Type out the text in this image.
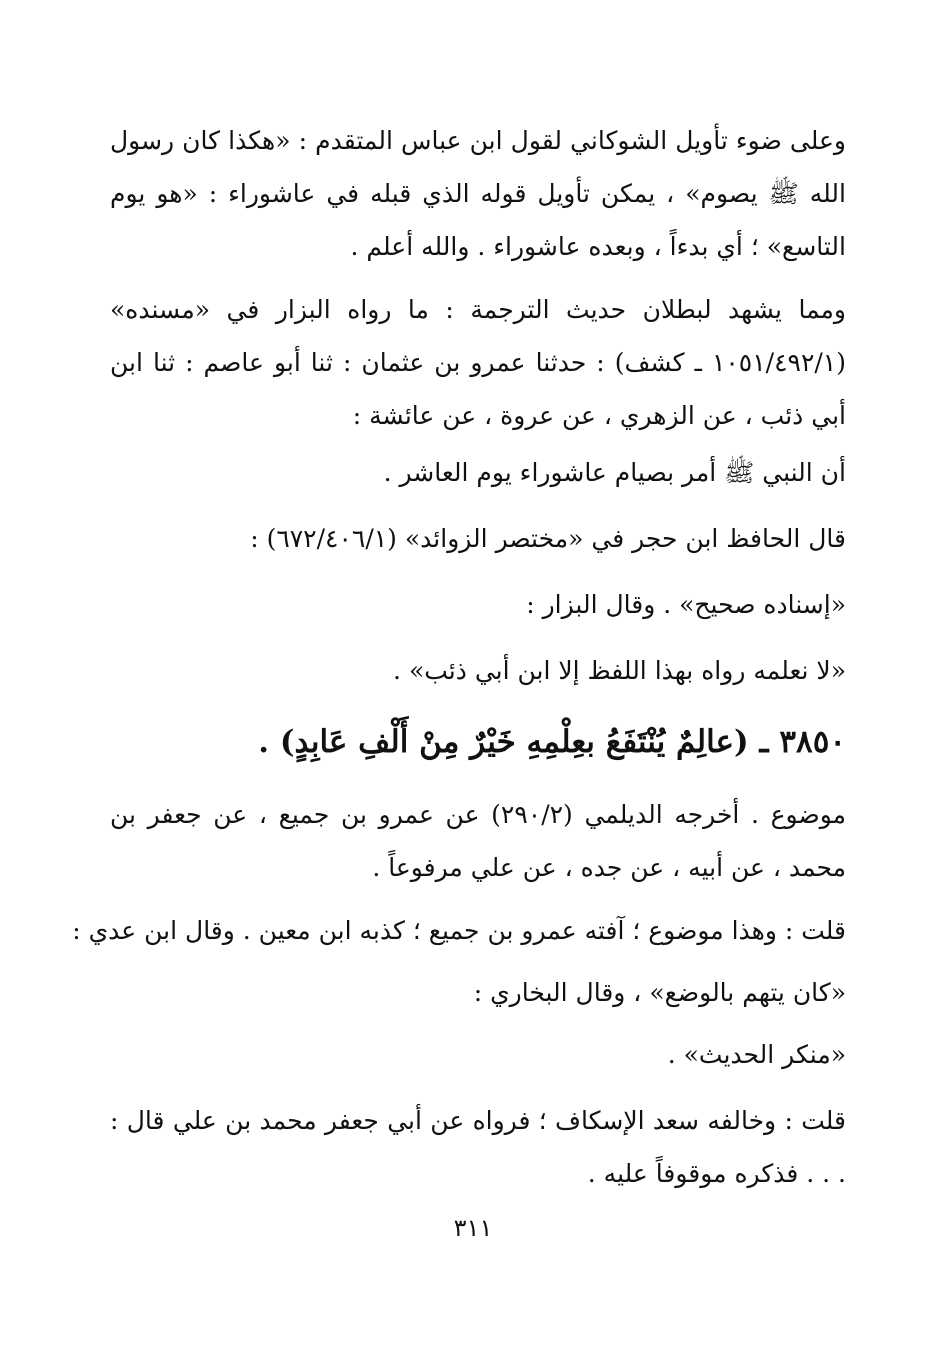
وعلى ضوء تأويل الشوكاني لقول ابن عباس المتقدم : «هكذا كان رسول الله ﷺ يصوم» ، يمكن تأويل قوله الذي قبله في عاشوراء : «هو يوم التاسع» ؛ أي بدءاً ، وبعده عاشوراء . والله أعلم .
ومما يشهد لبطلان حديث الترجمة : ما رواه البزار في «مسنده» (١٠٥١/٤٩٢/١ ـ كشف) : حدثنا عمرو بن عثمان : ثنا أبو عاصم : ثنا ابن أبي ذئب ، عن الزهري ، عن عروة ، عن عائشة :
أن النبي ﷺ أمر بصيام عاشوراء يوم العاشر .
قال الحافظ ابن حجر في «مختصر الزوائد» (٦٧٢/٤٠٦/١) :
«إسناده صحيح» . وقال البزار :
«لا نعلمه رواه بهذا اللفظ إلا ابن أبي ذئب» .
٣٨٥٠ ـ (عالِمٌ يُنْتَفَعُ بعِلْمِهِ خَيْرٌ مِنْ أَلْفِ عَابِدٍ) .
موضوع . أخرجه الديلمي (٢٩٠/٢) عن عمرو بن جميع ، عن جعفر بن محمد ، عن أبيه ، عن جده ، عن علي مرفوعاً .
قلت : وهذا موضوع ؛ آفته عمرو بن جميع ؛ كذبه ابن معين . وقال ابن عدي :
«كان يتهم بالوضع» ، وقال البخاري :
«منكر الحديث» .
قلت : وخالفه سعد الإسكاف ؛ فرواه عن أبي جعفر محمد بن علي قال : . . . فذكره موقوفاً عليه .
٣١١
